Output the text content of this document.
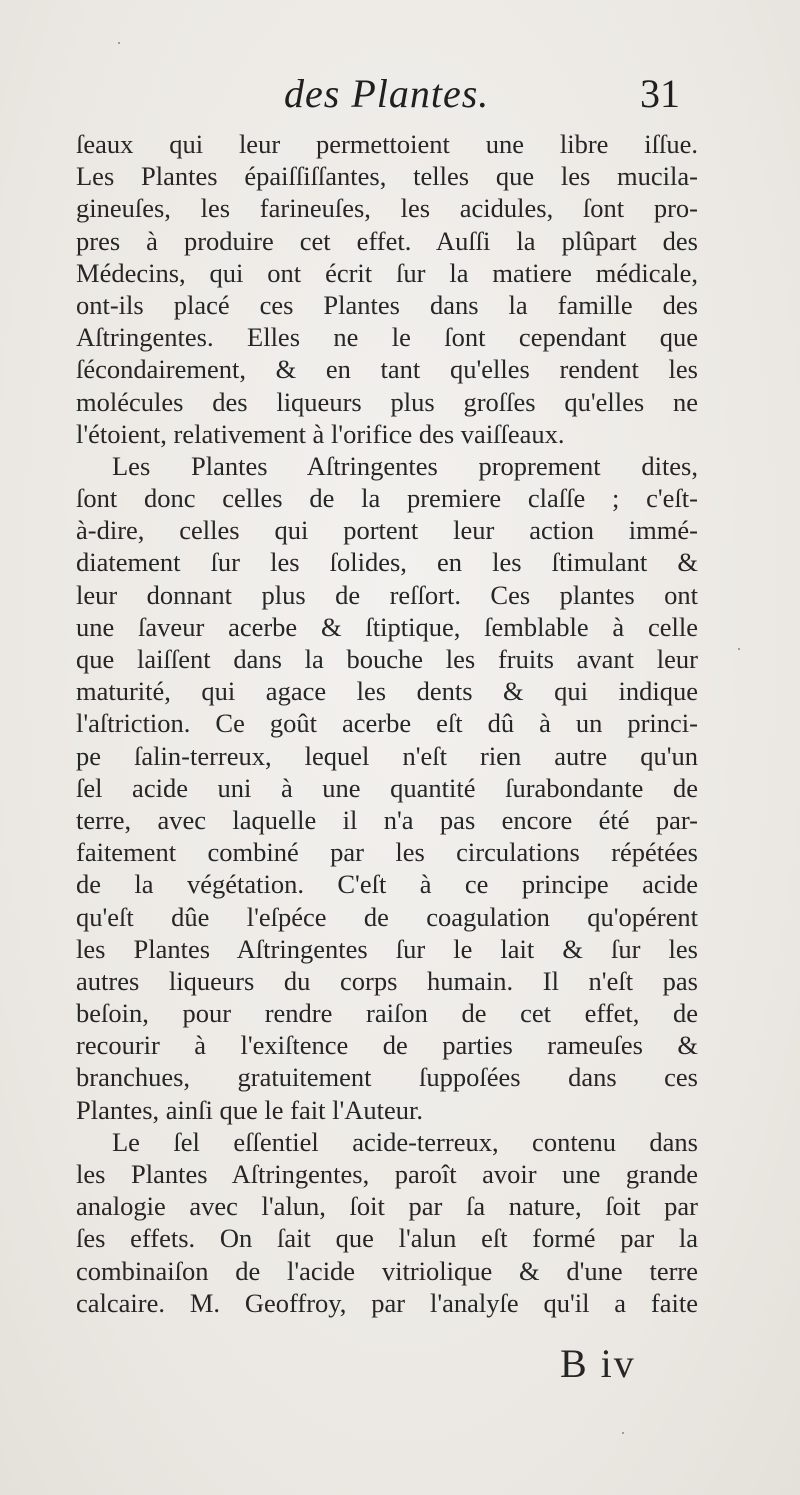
des Plantes.	31
ſeaux qui leur permettoient une libre iſſue.
Les Plantes épaiſſiſſantes, telles que les mucila-
gineuſes, les farineuſes, les acidules, ſont pro-
pres à produire cet effet. Auſſi la plûpart des
Médecins, qui ont écrit ſur la matiere médicale,
ont-ils placé ces Plantes dans la famille des
Aſtringentes. Elles ne le ſont cependant que
ſécondairement, & en tant qu'elles rendent les
molécules des liqueurs plus groſſes qu'elles ne
l'étoient, relativement à l'orifice des vaiſſeaux.
Les Plantes Aſtringentes proprement dites,
ſont donc celles de la premiere claſſe ; c'eſt-
à-dire, celles qui portent leur action immé-
diatement ſur les ſolides, en les ſtimulant &
leur donnant plus de reſſort. Ces plantes ont
une ſaveur acerbe & ſtiptique, ſemblable à celle
que laiſſent dans la bouche les fruits avant leur
maturité, qui agace les dents & qui indique
l'aſtriction. Ce goût acerbe eſt dû à un princi-
pe ſalin-terreux, lequel n'eſt rien autre qu'un
ſel acide uni à une quantité ſurabondante de
terre, avec laquelle il n'a pas encore été par-
faitement combiné par les circulations répétées
de la végétation. C'eſt à ce principe acide
qu'eſt dûe l'eſpéce de coagulation qu'opérent
les Plantes Aſtringentes ſur le lait & ſur les
autres liqueurs du corps humain. Il n'eſt pas
beſoin, pour rendre raiſon de cet effet, de
recourir à l'exiſtence de parties rameuſes &
branchues, gratuitement ſuppoſées dans ces
Plantes, ainſi que le fait l'Auteur.
Le ſel eſſentiel acide-terreux, contenu dans
les Plantes Aſtringentes, paroît avoir une grande
analogie avec l'alun, ſoit par ſa nature, ſoit par
ſes effets. On ſait que l'alun eſt formé par la
combinaiſon de l'acide vitriolique & d'une terre
calcaire. M. Geoffroy, par l'analyſe qu'il a faite
B iv
